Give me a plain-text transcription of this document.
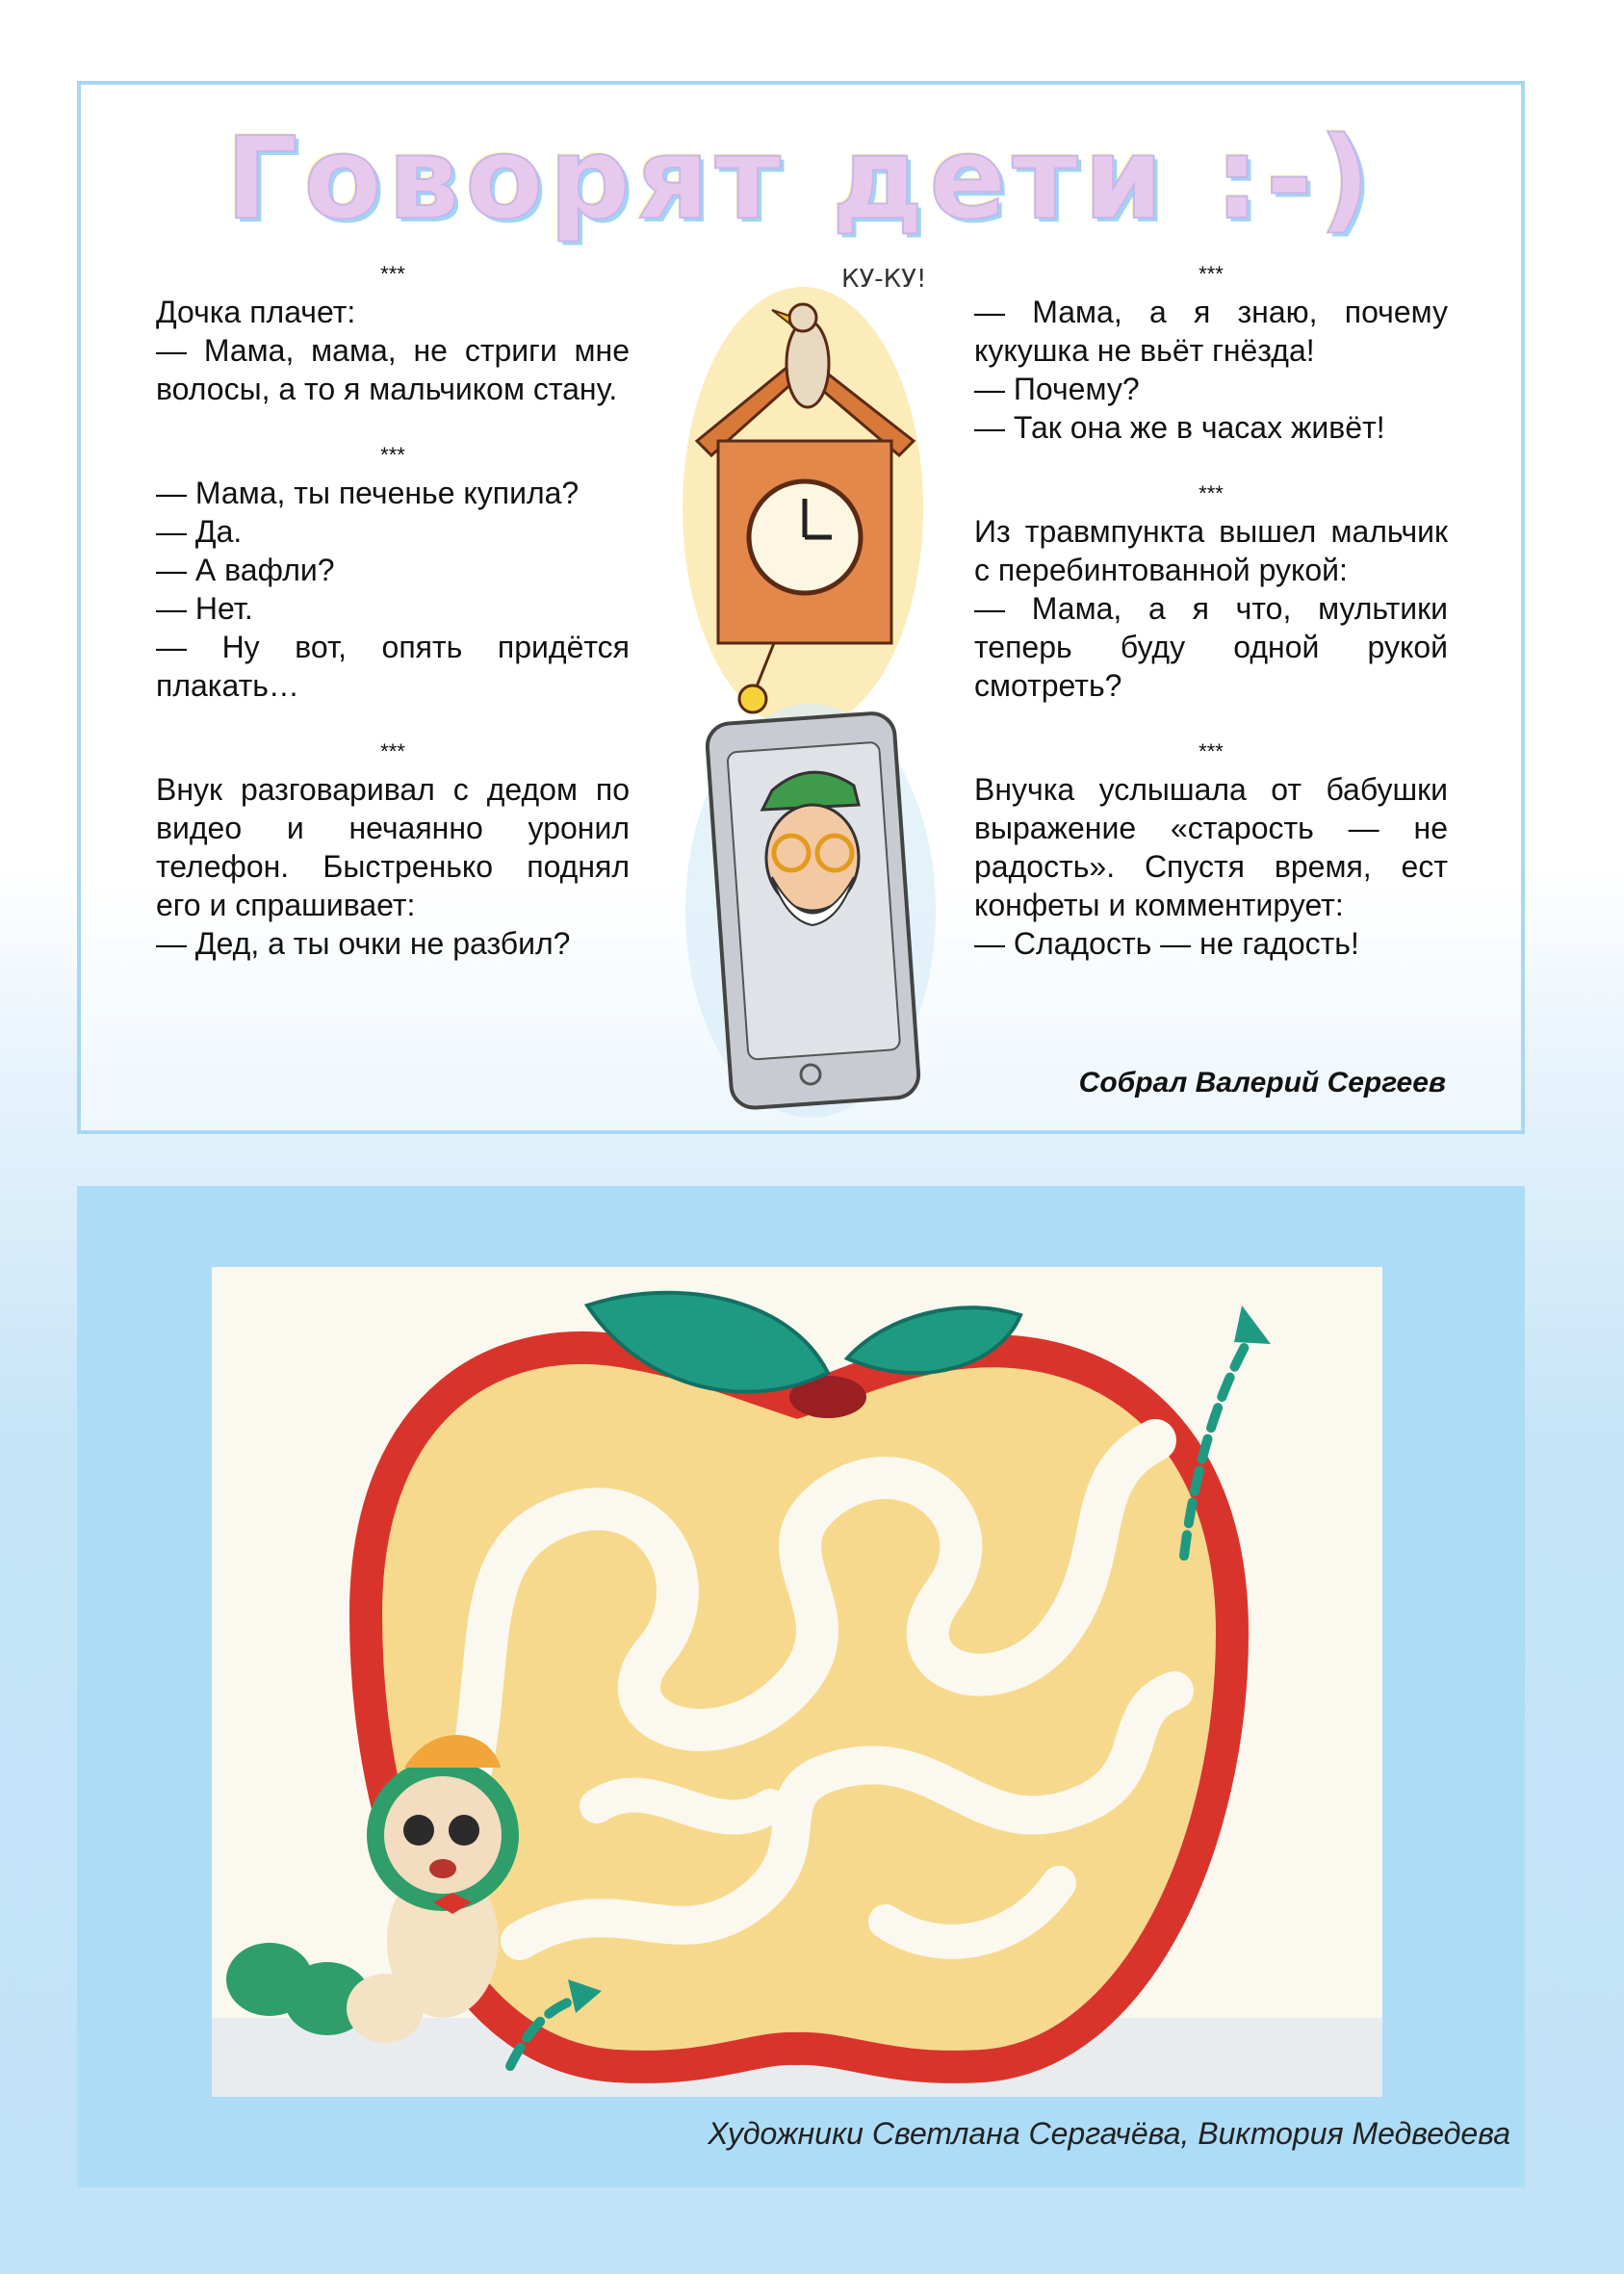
Говорят дети :-)
***

Дочка плачет:

— Мама, мама, не стриги мне волосы, а то я мальчиком стану.

***

— Мама, ты печенье купила?

— Да.

— А вафли?

— Нет.

— Ну вот, опять придётся плакать…

***

Внук разговаривал с дедом по видео и нечаянно уронил телефон. Быстренько поднял его и спрашивает:

— Дед, а ты очки не разбил?

***

— Мама, а я знаю, почему кукушка не вьёт гнёзда!

— Почему?

— Так она же в часах живёт!

***

Из травмпункта вышел мальчик с перебинтованной рукой:

— Мама, а я что, мультики теперь буду одной рукой смотреть?

***

Внучка услышала от бабушки выражение «старость — не радость». Спустя время, ест конфеты и комментирует:

— Сладость — не гадость!

КУ-КУ!
Собрал Валерий Сергеев
Художники Светлана Сергачёва, Виктория Медведева
